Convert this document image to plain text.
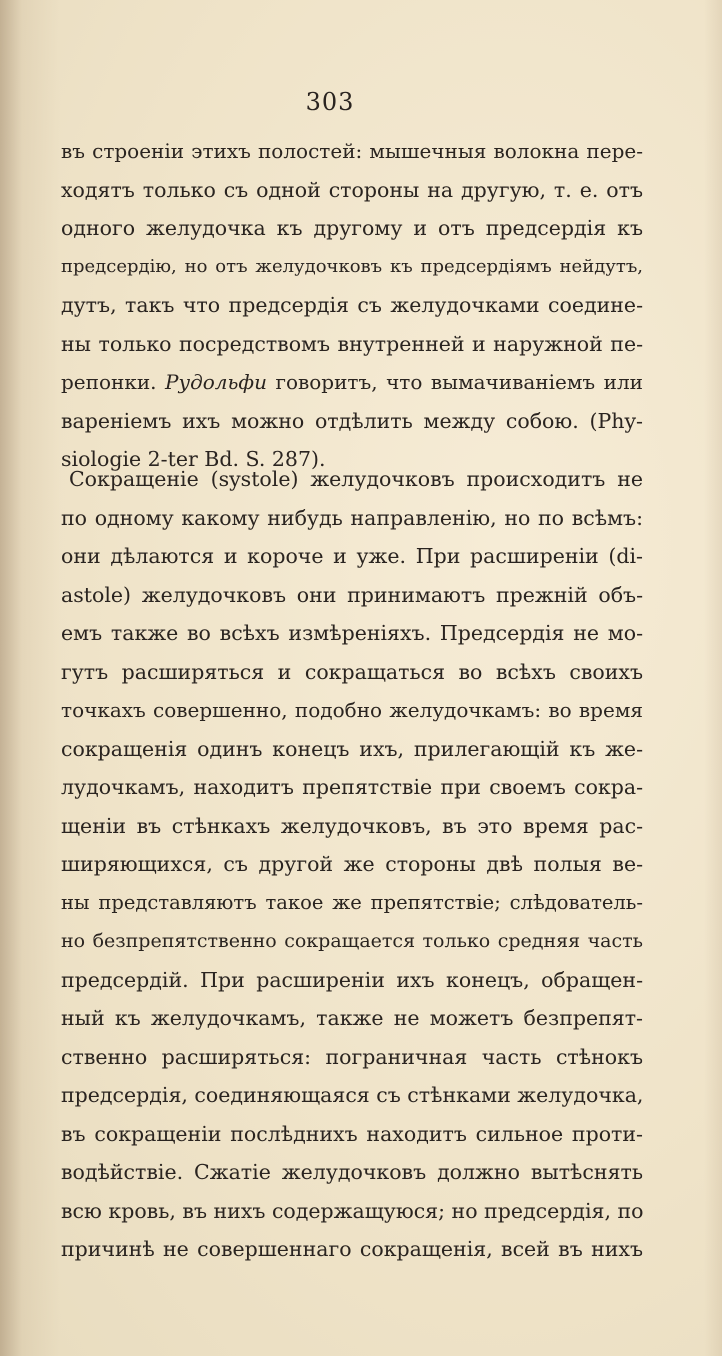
303
въ строенiи этихъ полостей: мышечныя волокна пере-
ходятъ только съ одной стороны на другую, т. е. отъ
одного желудочка къ другому и отъ предсердiя къ
предсердiю, но отъ желудочковъ къ предсердiямъ нейдутъ,
дутъ, такъ что предсердiя съ желудочками соедине-
ны только посредствомъ внутренней и наружной пе-
репонки. Рудольфи говоритъ, что вымачиванiемъ или
варенiемъ ихъ можно отдѣлить между собою. (Phy-
siologie 2-ter Bd. S. 287).
Сокращенiе (systole) желудочковъ происходитъ не
по одному какому нибудь направленiю, но по всѣмъ:
они дѣлаются и короче и уже. При расширенiи (di-
astole) желудочковъ они принимаютъ прежнiй объ-
емъ также во всѣхъ измѣренiяхъ. Предсердiя не мо-
гутъ расширяться и сокращаться во всѣхъ своихъ
точкахъ совершенно, подобно желудочкамъ: во время
сокращенiя одинъ конецъ ихъ, прилегающiй къ же-
лудочкамъ, находитъ препятствiе при своемъ сокра-
щенiи въ стѣнкахъ желудочковъ, въ это время рас-
ширяющихся, съ другой же стороны двѣ полыя ве-
ны представляютъ такое же препятствiе; слѣдователь-
но безпрепятственно сокращается только средняя часть
предсердiй. При расширенiи ихъ конецъ, обращен-
ный къ желудочкамъ, также не можетъ безпрепят-
ственно расширяться: пограничная часть стѣнокъ
предсердiя, соединяющаяся съ стѣнками желудочка,
въ сокращенiи послѣднихъ находитъ сильное проти-
водѣйствiе. Сжатiе желудочковъ должно вытѣснять
всю кровь, въ нихъ содержащуюся; но предсердiя, по
причинѣ не совершеннаго сокращенiя, всей въ нихъ
